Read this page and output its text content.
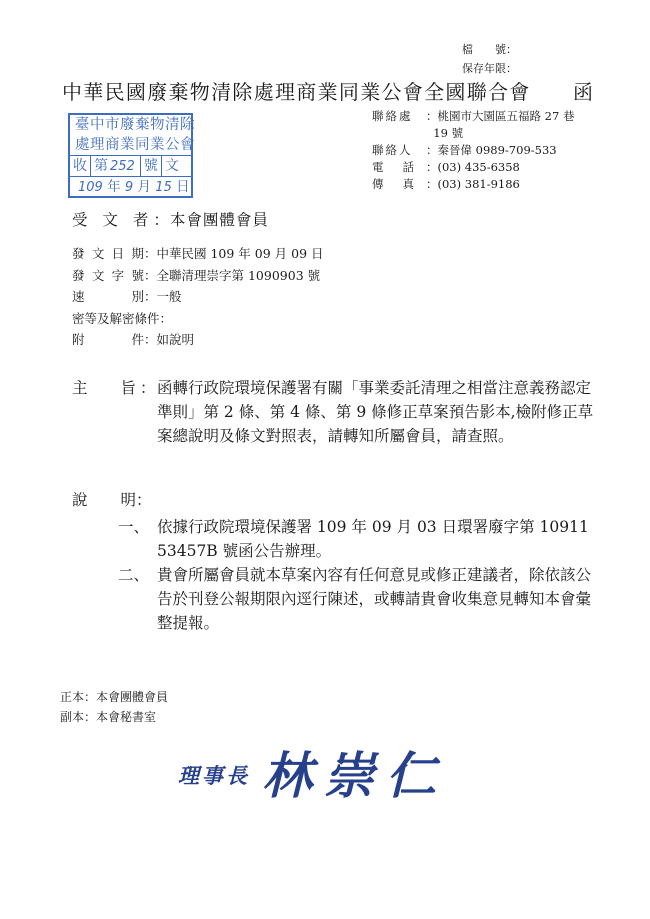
檔　　號：
保存年限：
中華民國廢棄物清除處理商業同業公會全國聯合會 函
臺中市廢棄物清除
處理商業同業公會
收 第 252 號 文
109 年 9 月 15 日
聯絡處	：桃園市大園區五福路 27 巷
19 號
聯絡人	：秦晉偉 0989-709-533
電話
：(03) 435-6358
傳真
：(03) 381-9186
受 文 者：本會團體會員
發文日期 ：中華民國 109 年 09 月 09 日
發文字號 ：全聯清理崇字第 1090903 號
速別 ：一般
密等及解密條件 ：
附件 ：如說明
主 旨 ： 函轉行政院環境保護署有關「事業委託清理之相當注意義務認定準則」第 2 條、第 4 條、第 9 條修正草案預告影本,檢附修正草案總說明及條文對照表，請轉知所屬會員，請查照。
說 明：
一、 依據行政院環境保護署 109 年 09 月 03 日環署廢字第 1091153457B 號函公告辦理。
二、 貴會所屬會員就本草案內容有任何意見或修正建議者，除依該公告於刊登公報期限內逕行陳述，或轉請貴會收集意見轉知本會彙整提報。
正本：本會團體會員
副本：本會秘書室
理事長 林崇仁
